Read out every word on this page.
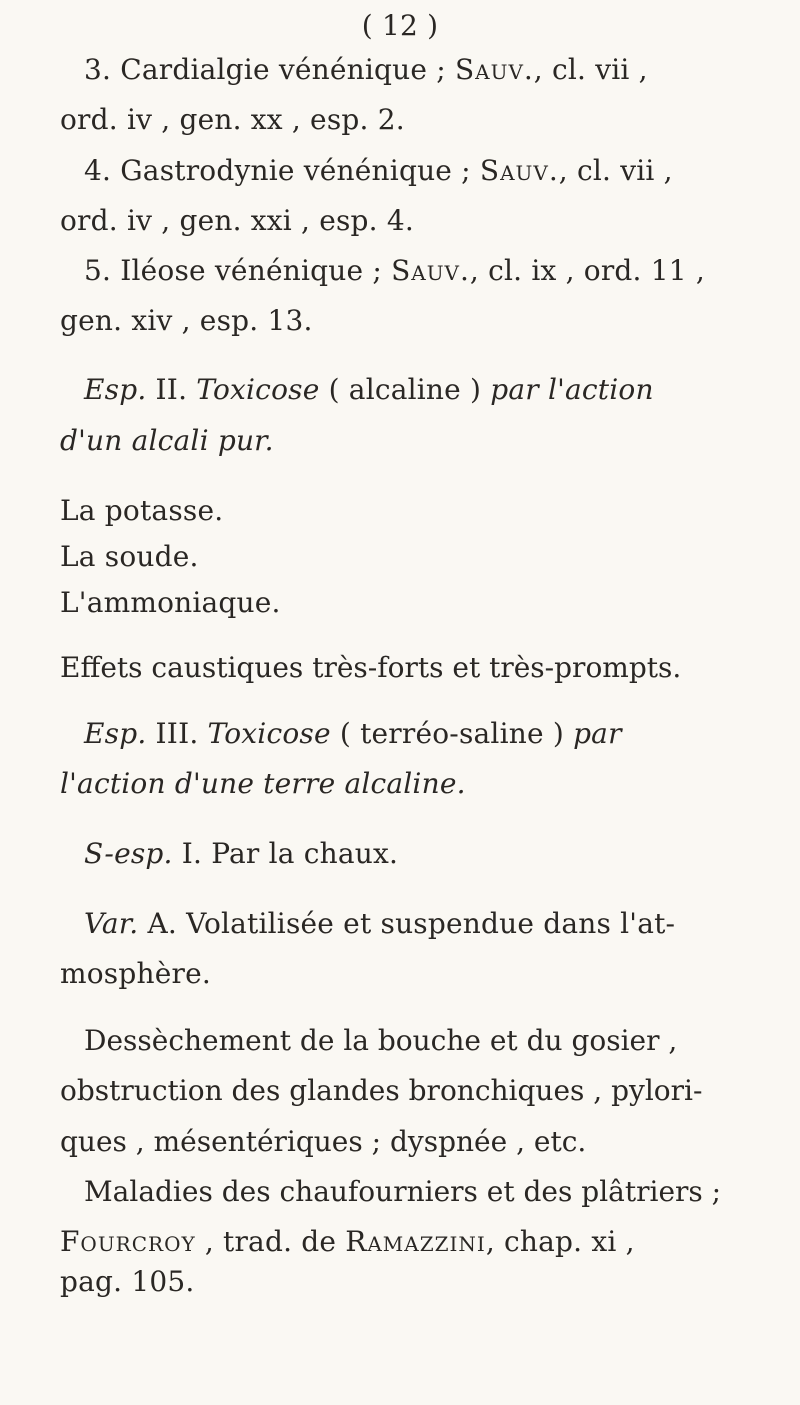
( 12 )
3. Cardialgie vénénique ; Sauv., cl. vii ,
ord. iv , gen. xx , esp. 2.
4. Gastrodynie vénénique ; Sauv., cl. vii ,
ord. iv , gen. xxi , esp. 4.
5. Iléose vénénique ; Sauv., cl. ix , ord. 11 ,
gen. xiv , esp. 13.
Esp. II. Toxicose ( alcaline ) par l'action
d'un alcali pur.
La potasse.
La soude.
L'ammoniaque.
Effets caustiques très-forts et très-prompts.
Esp. III. Toxicose ( terréo-saline ) par
l'action d'une terre alcaline.
S-esp. I. Par la chaux.
Var. A. Volatilisée et suspendue dans l'at-
mosphère.
Dessèchement de la bouche et du gosier ,
obstruction des glandes bronchiques , pylori-
ques , mésentériques ; dyspnée , etc.
Maladies des chaufourniers et des plâtriers ;
Fourcroy , trad. de Ramazzini, chap. xi ,
pag. 105.
